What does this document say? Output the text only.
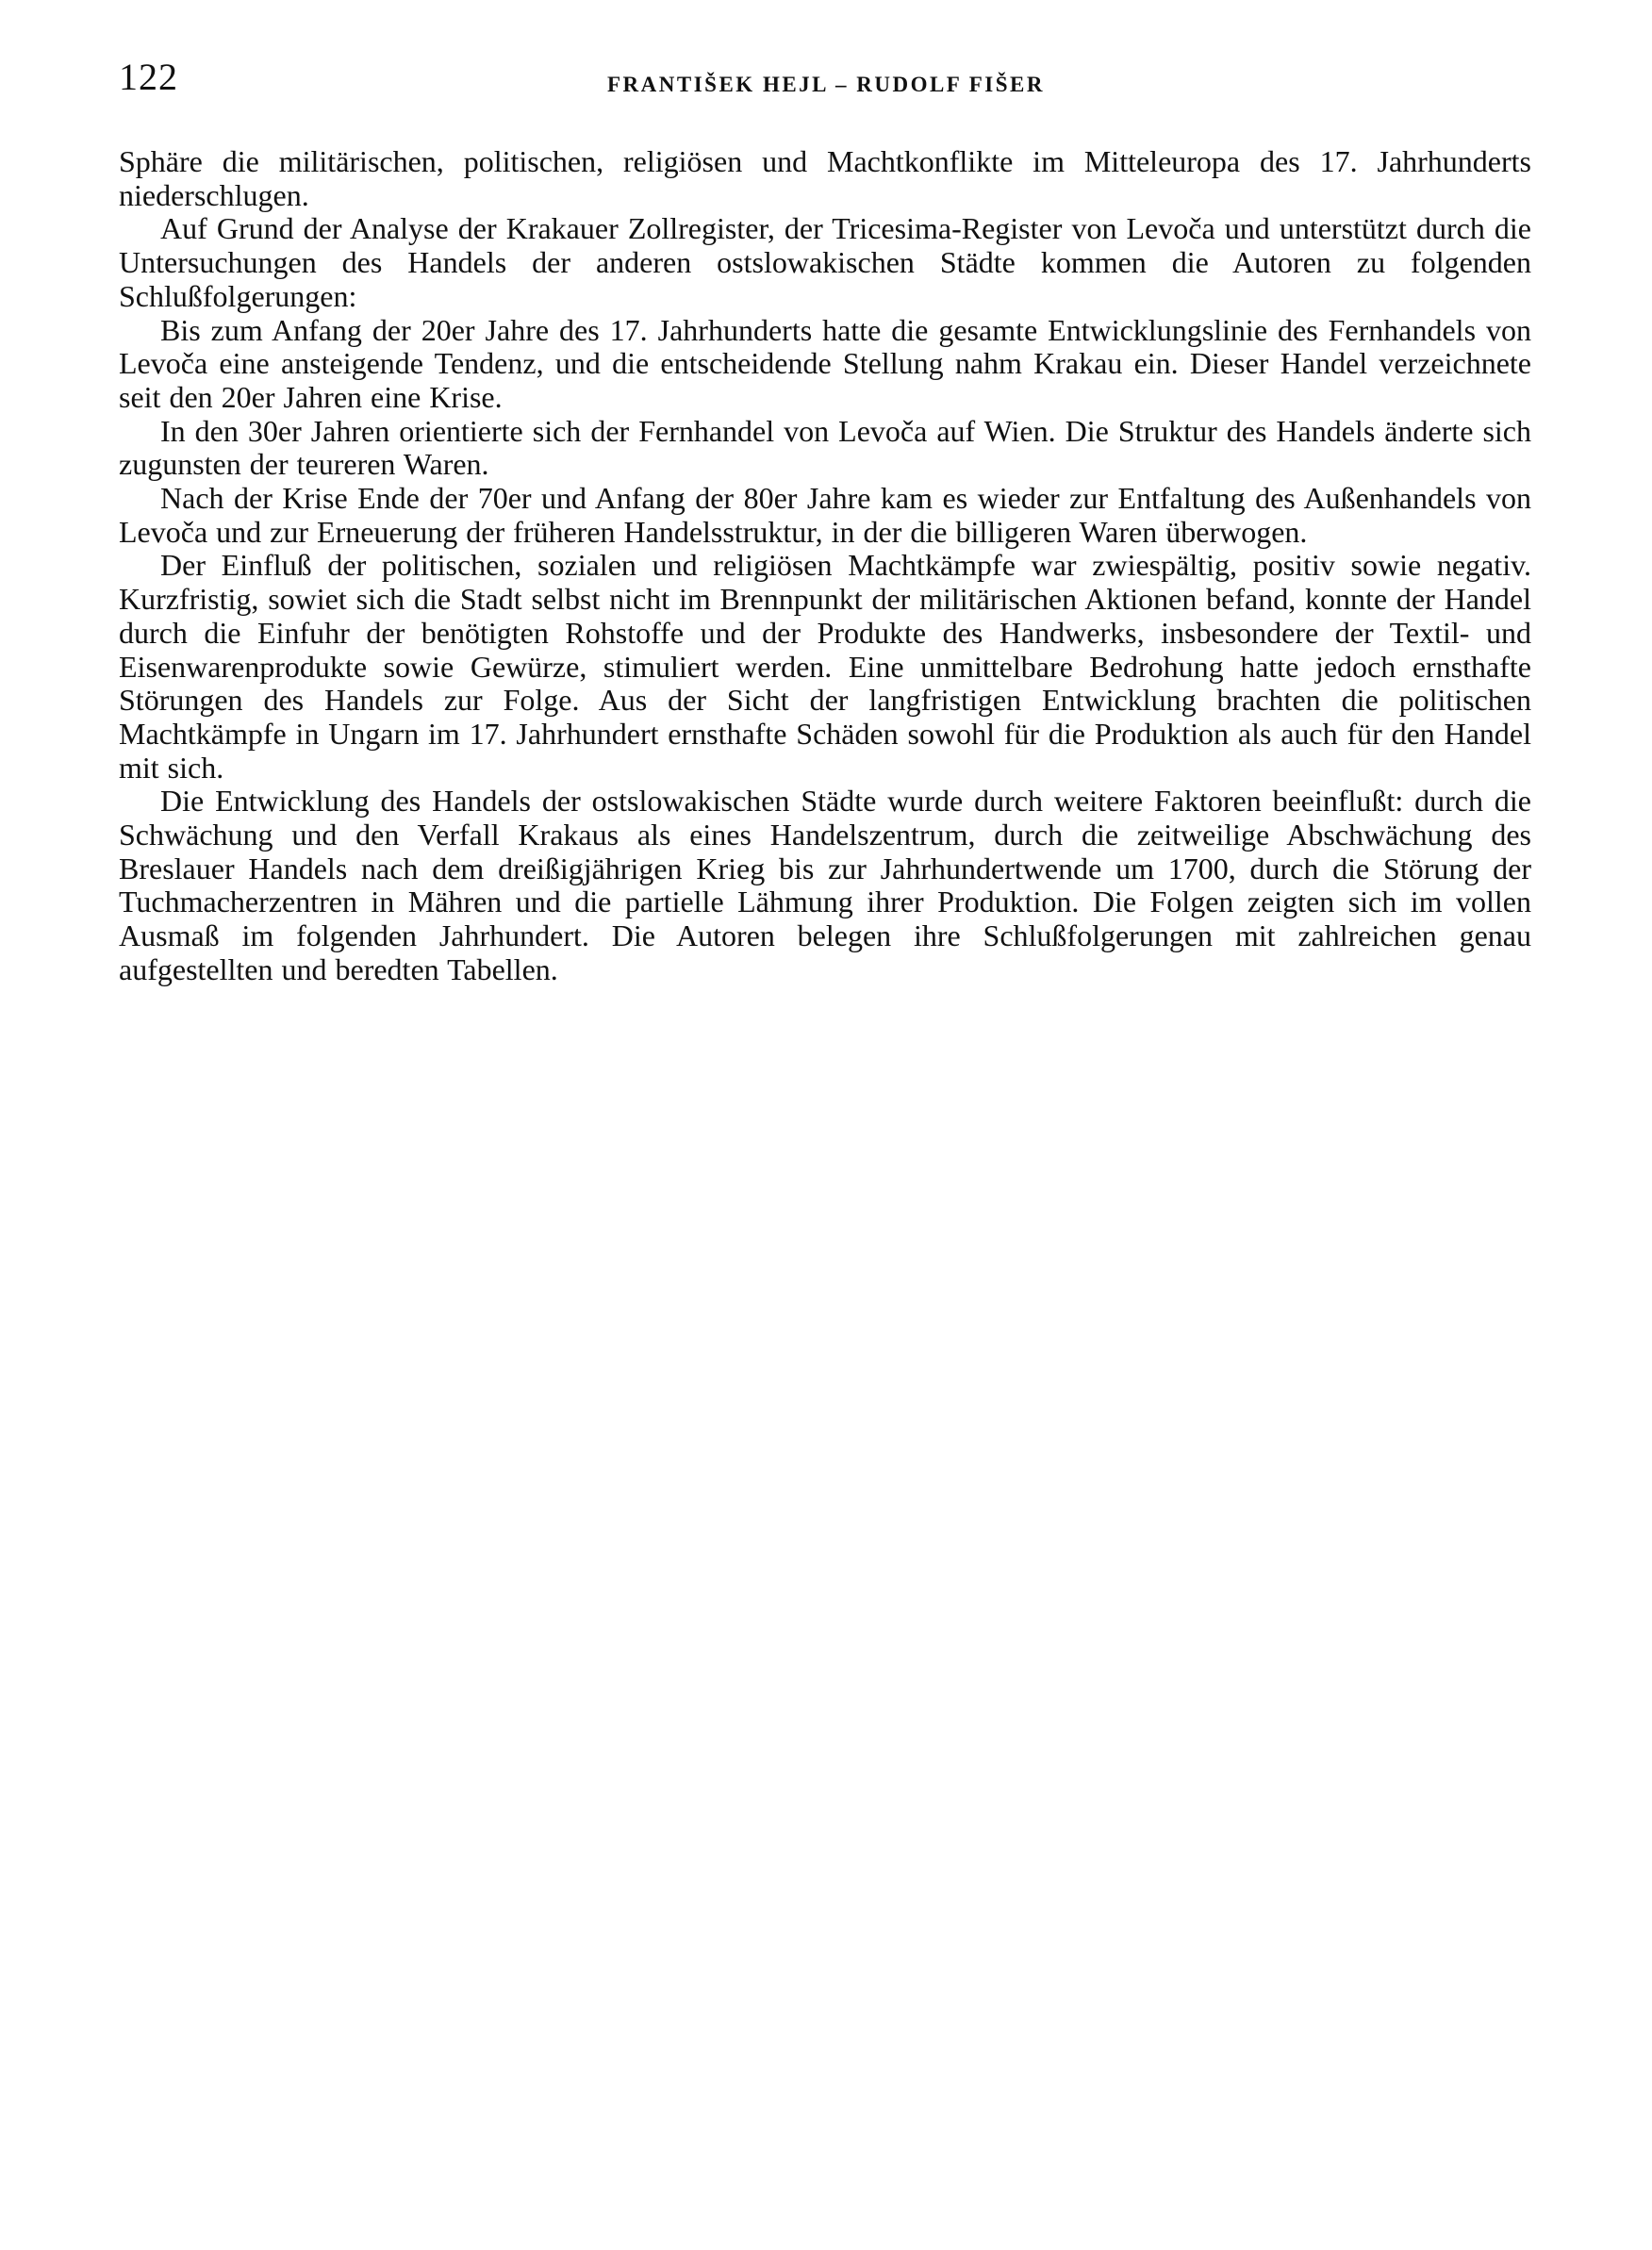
122	FRANTIŠEK HEJL – RUDOLF FIŠER

Sphäre die militärischen, politischen, religiösen und Machtkonflikte im Mitteleuropa des 17. Jahrhunderts niederschlugen.

Auf Grund der Analyse der Krakauer Zollregister, der Tricesima-Register von Levoča und unterstützt durch die Untersuchungen des Handels der anderen ostslowakischen Städte kommen die Autoren zu folgenden Schlußfolgerungen:

Bis zum Anfang der 20er Jahre des 17. Jahrhunderts hatte die gesamte Entwicklungslinie des Fernhandels von Levoča eine ansteigende Tendenz, und die entscheidende Stellung nahm Krakau ein. Dieser Handel verzeichnete seit den 20er Jahren eine Krise.

In den 30er Jahren orientierte sich der Fernhandel von Levoča auf Wien. Die Struktur des Handels änderte sich zugunsten der teureren Waren.

Nach der Krise Ende der 70er und Anfang der 80er Jahre kam es wieder zur Entfaltung des Außenhandels von Levoča und zur Erneuerung der früheren Handelsstruktur, in der die billigeren Waren überwogen.

Der Einfluß der politischen, sozialen und religiösen Machtkämpfe war zwiespältig, positiv sowie negativ. Kurzfristig, sowiet sich die Stadt selbst nicht im Brennpunkt der militärischen Aktionen befand, konnte der Handel durch die Einfuhr der benötigten Rohstoffe und der Produkte des Handwerks, insbesondere der Textil- und Eisenwarenprodukte sowie Gewürze, stimuliert werden. Eine unmittelbare Bedrohung hatte jedoch ernsthafte Störungen des Handels zur Folge. Aus der Sicht der langfristigen Entwicklung brachten die politischen Machtkämpfe in Ungarn im 17. Jahrhundert ernsthafte Schäden sowohl für die Produktion als auch für den Handel mit sich.

Die Entwicklung des Handels der ostslowakischen Städte wurde durch weitere Faktoren beeinflußt: durch die Schwächung und den Verfall Krakaus als eines Handelszentrum, durch die zeitweilige Abschwächung des Breslauer Handels nach dem dreißigjährigen Krieg bis zur Jahrhundertwende um 1700, durch die Störung der Tuchmacherzentren in Mähren und die partielle Lähmung ihrer Produktion. Die Folgen zeigten sich im vollen Ausmaß im folgenden Jahrhundert. Die Autoren belegen ihre Schlußfolgerungen mit zahlreichen genau aufgestellten und beredten Tabellen.
